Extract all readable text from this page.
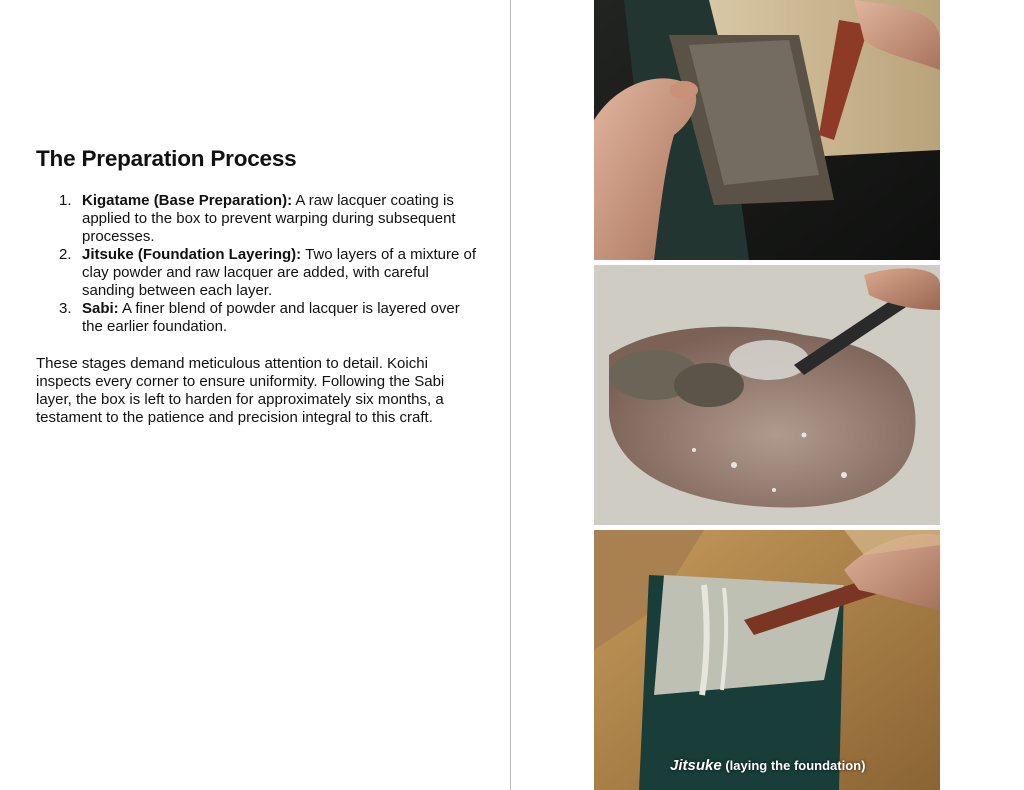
The Preparation Process
1. Kigatame (Base Preparation): A raw lacquer coating is applied to the box to prevent warping during subsequent processes.
2. Jitsuke (Foundation Layering): Two layers of a mixture of clay powder and raw lacquer are added, with careful sanding between each layer.
3. Sabi: A finer blend of powder and lacquer is layered over the earlier foundation.

These stages demand meticulous attention to detail. Koichi inspects every corner to ensure uniformity. Following the Sabi layer, the box is left to harden for approximately six months, a testament to the patience and precision integral to this craft.

Jitsuke (laying the foundation)
